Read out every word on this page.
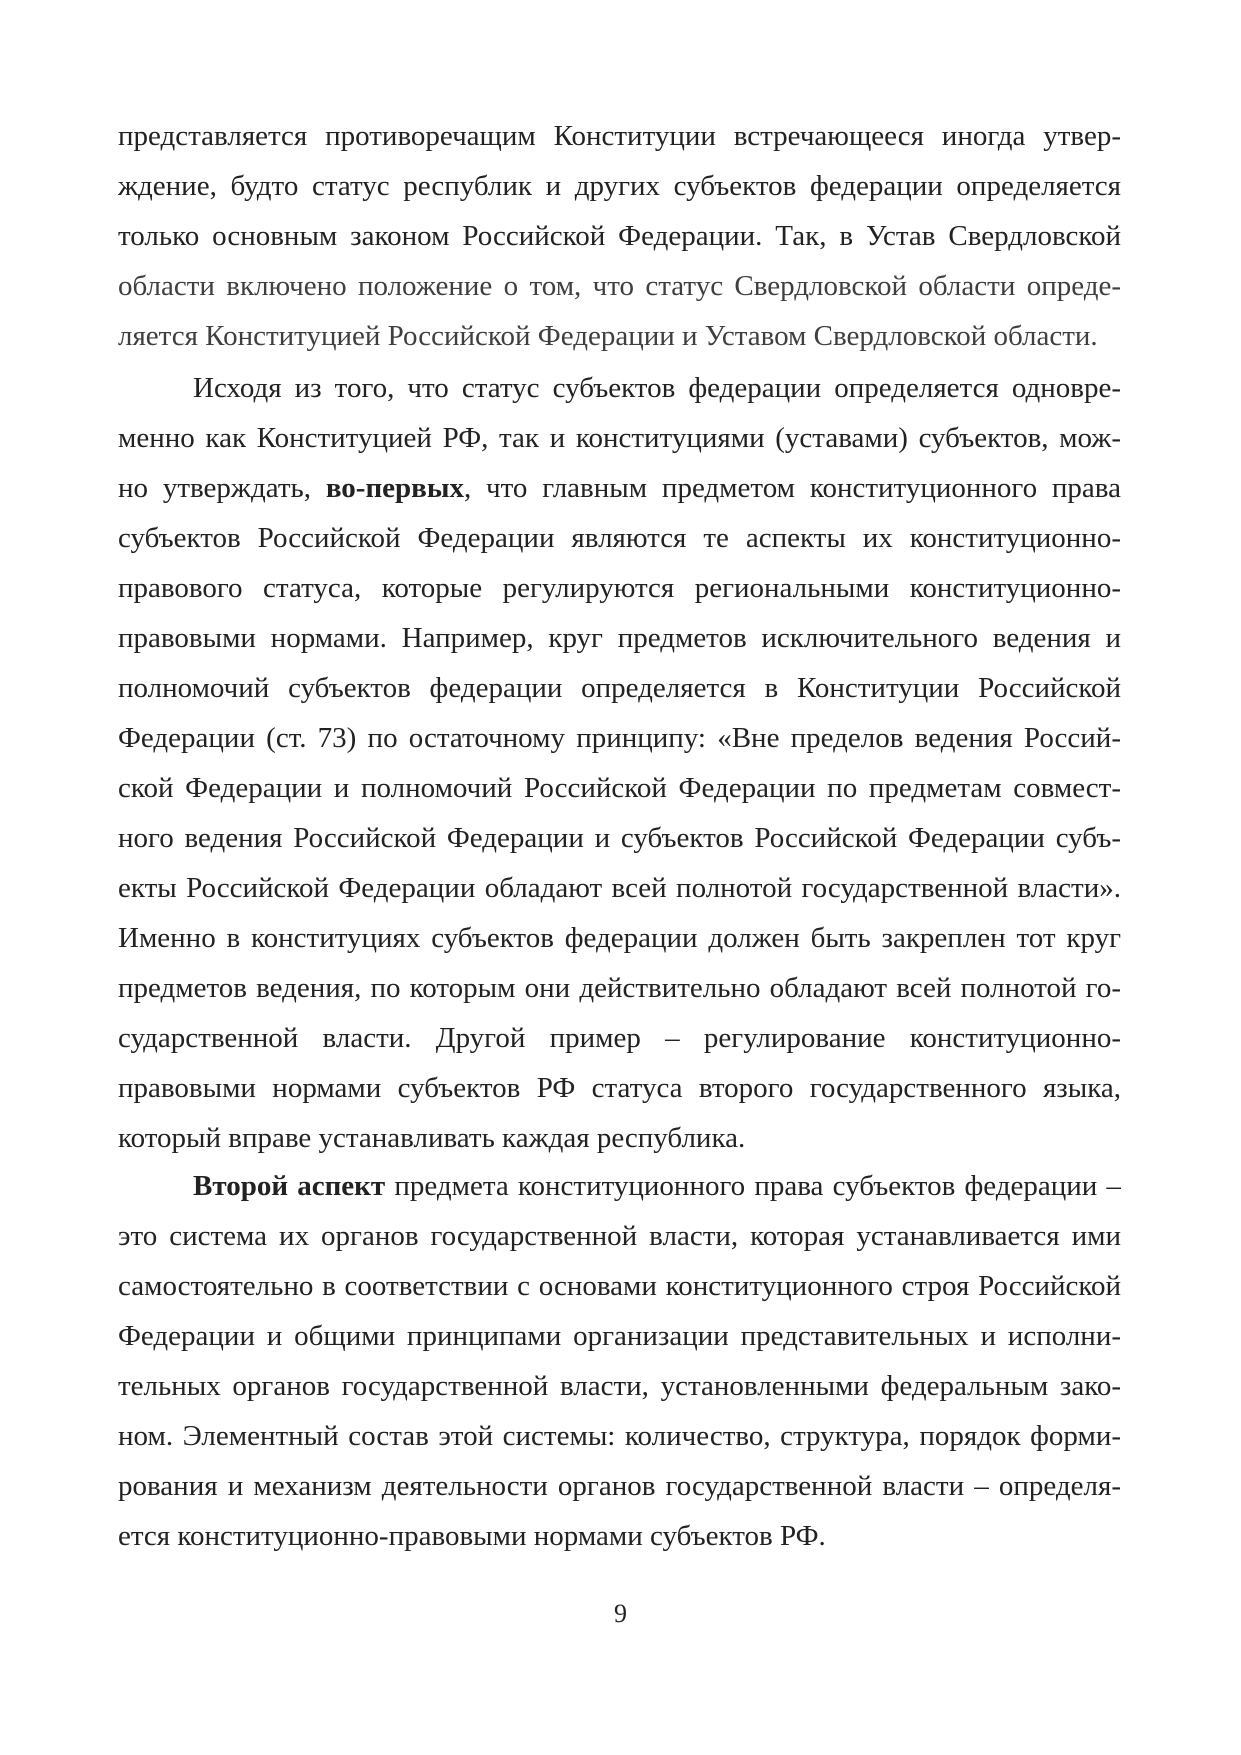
представляется противоречащим Конституции встречающееся иногда утвер-
ждение, будто статус республик и других субъектов федерации определяется
только основным законом Российской Федерации. Так, в Устав Свердловской
области включено положение о том, что статус Свердловской области опреде-
ляется Конституцией Российской Федерации и Уставом Свердловской области.
Исходя из того, что статус субъектов федерации определяется одновре-
менно как Конституцией РФ, так и конституциями (уставами) субъектов, мож-
но утверждать, во-первых, что главным предметом конституционного права
субъектов Российской Федерации являются те аспекты их конституционно-
правового статуса, которые регулируются региональными конституционно-
правовыми нормами. Например, круг предметов исключительного ведения и
полномочий субъектов федерации определяется в Конституции Российской
Федерации (ст. 73) по остаточному принципу: «Вне пределов ведения Россий-
ской Федерации и полномочий Российской Федерации по предметам совмест-
ного ведения Российской Федерации и субъектов Российской Федерации субъ-
екты Российской Федерации обладают всей полнотой государственной власти».
Именно в конституциях субъектов федерации должен быть закреплен тот круг
предметов ведения, по которым они действительно обладают всей полнотой го-
сударственной власти. Другой пример – регулирование конституционно-
правовыми нормами субъектов РФ статуса второго государственного языка,
который вправе устанавливать каждая республика.
Второй аспект предмета конституционного права субъектов федерации –
это система их органов государственной власти, которая устанавливается ими
самостоятельно в соответствии с основами конституционного строя Российской
Федерации и общими принципами организации представительных и исполни-
тельных органов государственной власти, установленными федеральным зако-
ном. Элементный состав этой системы: количество, структура, порядок форми-
рования и механизм деятельности органов государственной власти – определя-
ется конституционно-правовыми нормами субъектов РФ.
9
